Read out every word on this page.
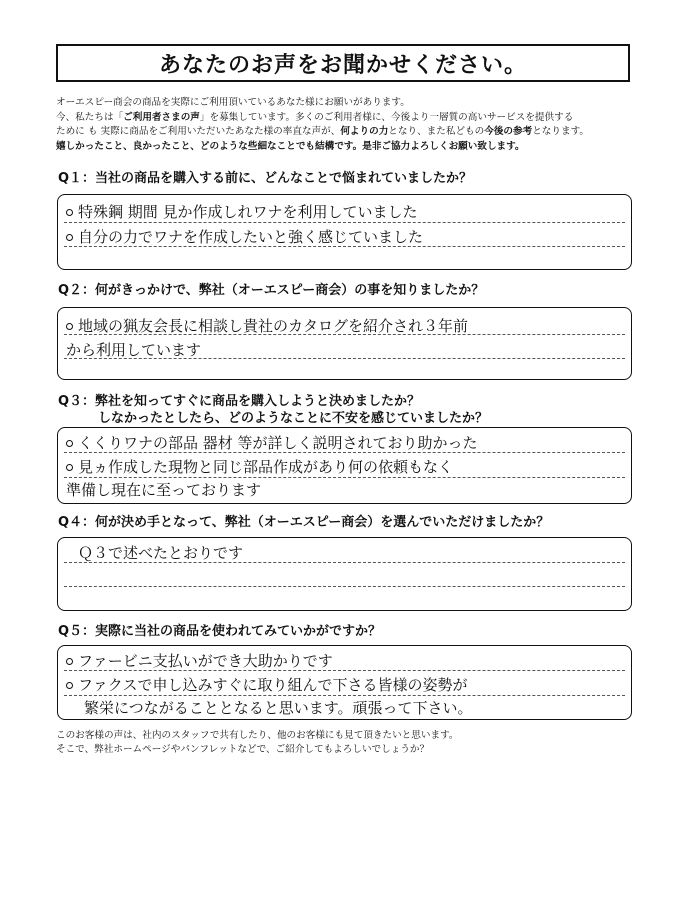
あなたのお声をお聞かせください。

オーエスピー商会の商品を実際にご利用頂いているあなた様にお願いがあります。

今、私たちは「ご利用者さまの声」を募集しています。多くのご利用者様に、今後より一層質の高いサービスを提供する

ために も 実際に商品をご利用いただいたあなた様の率直な声が、何よりの力となり、また私どもの今後の参考となります。

嬉しかったこと、良かったこと、どのような些細なことでも結構です。是非ご協力よろしくお願い致します。

Q１：当社の商品を購入する前に、どんなことで悩まれていましたか？
特殊鋼 期間 見か作成しれワナを利用していました
自分の力でワナを作成したいと強く感じていました
Q２：何がきっかけで、弊社（オーエスピー商会）の事を知りましたか？
地域の猟友会長に相談し貴社のカタログを紹介され３年前
から利用しています
Q３：弊社を知ってすぐに商品を購入しようと決めましたか？
しなかったとしたら、どのようなことに不安を感じていましたか？
くくりワナの部品 器材 等が詳しく説明されており助かった
見ヵ作成した現物と同じ部品作成があり何の依頼もなく
準備し現在に至っております
Q４：何が決め手となって、弊社（オーエスピー商会）を選んでいただけましたか？
Ｑ３で述べたとおりです
Q５：実際に当社の商品を使われてみていかがですか？
ファービニ支払いができ大助かりです
ファクスで申し込みすぐに取り組んで下さる皆様の姿勢が
繁栄につながることとなると思います。頑張って下さい。

このお客様の声は、社内のスタッフで共有したり、他のお客様にも見て頂きたいと思います。

そこで、弊社ホームページやパンフレットなどで、ご紹介してもよろしいでしょうか？
